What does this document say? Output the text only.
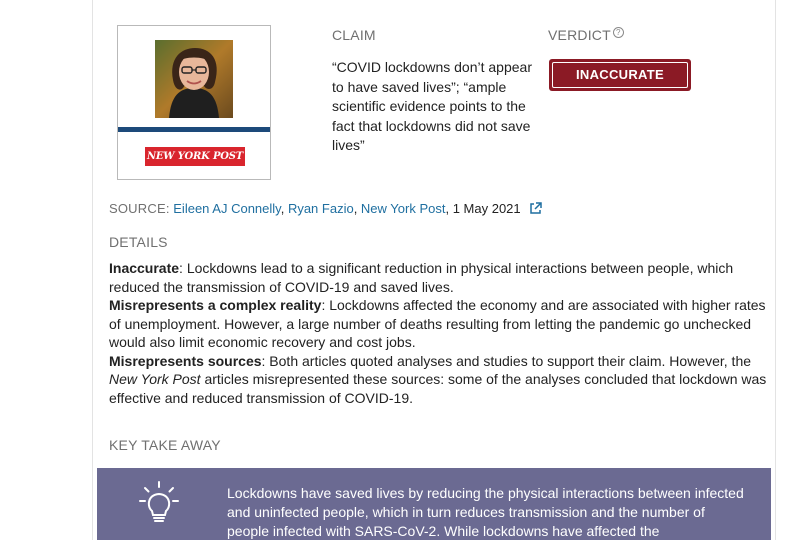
NEW YORK POST
CLAIM
“COVID lockdowns don’t appear to have saved lives”; “ample scientific evidence points to the fact that lockdowns did not save lives”
VERDICT ?
INACCURATE
SOURCE: Eileen AJ Connelly, Ryan Fazio, New York Post, 1 May 2021
DETAILS

Inaccurate: Lockdowns lead to a significant reduction in physical interactions between people, which reduced the transmission of COVID-19 and saved lives.

Misrepresents a complex reality: Lockdowns affected the economy and are associated with higher rates of unemployment. However, a large number of deaths resulting from letting the pandemic go unchecked would also limit economic recovery and cost jobs.

Misrepresents sources: Both articles quoted analyses and studies to support their claim. However, the New York Post articles misrepresented these sources: some of the analyses concluded that lockdown was effective and reduced transmission of COVID-19.

KEY TAKE AWAY
Lockdowns have saved lives by reducing the physical interactions between infected and uninfected people, which in turn reduces transmission and the number of people infected with SARS-CoV-2. While lockdowns have affected the
